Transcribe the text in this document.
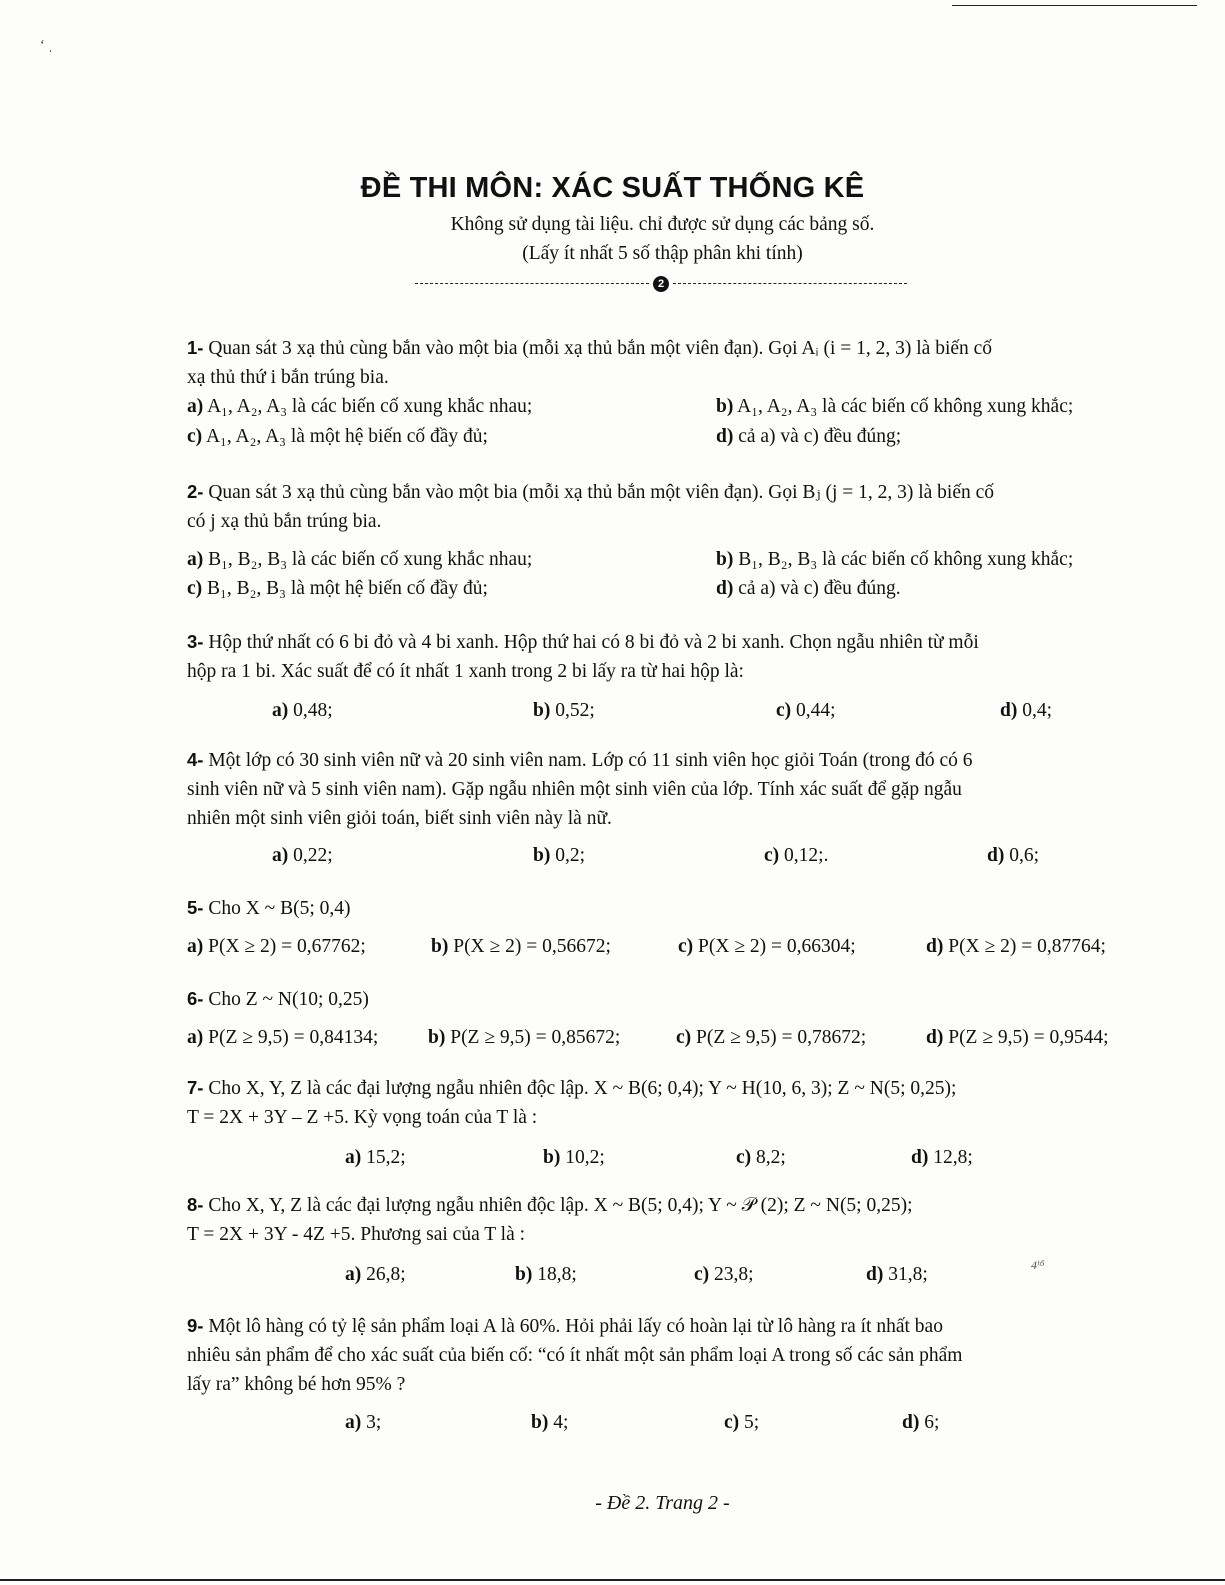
ʻ ˌ
ĐỀ THI MÔN: XÁC SUẤT THỐNG KÊ
Không sử dụng tài liệu. chỉ được sử dụng các bảng số.
(Lấy ít nhất 5 số thập phân khi tính)
2
1- Quan sát 3 xạ thủ cùng bắn vào một bia (mỗi xạ thủ bắn một viên đạn). Gọi Aᵢ (i = 1, 2, 3) là biến cố
xạ thủ thứ i bắn trúng bia.
a) A₁, A₂, A₃ là các biến cố xung khắc nhau;	b) A₁, A₂, A₃ là các biến cố không xung khắc;
c) A₁, A₂, A₃ là một hệ biến cố đầy đủ;	d) cả a) và c) đều đúng;
2- Quan sát 3 xạ thủ cùng bắn vào một bia (mỗi xạ thủ bắn một viên đạn). Gọi Bⱼ (j = 1, 2, 3) là biến cố
có j xạ thủ bắn trúng bia.
a) B₁, B₂, B₃ là các biến cố xung khắc nhau;	b) B₁, B₂, B₃ là các biến cố không xung khắc;
c) B₁, B₂, B₃ là một hệ biến cố đầy đủ;	d) cả a) và c) đều đúng.
3- Hộp thứ nhất có 6 bi đỏ và 4 bi xanh. Hộp thứ hai có 8 bi đỏ và 2 bi xanh. Chọn ngẫu nhiên từ mỗi
hộp ra 1 bi. Xác suất để có ít nhất 1 xanh trong 2 bi lấy ra từ hai hộp là:
a) 0,48;	b) 0,52;	c) 0,44;	d) 0,4;
4- Một lớp có 30 sinh viên nữ và 20 sinh viên nam. Lớp có 11 sinh viên học giỏi Toán (trong đó có 6
sinh viên nữ và 5 sinh viên nam). Gặp ngẫu nhiên một sinh viên của lớp. Tính xác suất để gặp ngẫu
nhiên một sinh viên giỏi toán, biết sinh viên này là nữ.
a) 0,22;	b) 0,2;	c) 0,12;.	d) 0,6;
5- Cho X ~ B(5; 0,4)
a) P(X ≥ 2) = 0,67762;	b) P(X ≥ 2) = 0,56672;	c) P(X ≥ 2) = 0,66304;	d) P(X ≥ 2) = 0,87764;
6- Cho Z ~ N(10; 0,25)
a) P(Z ≥ 9,5) = 0,84134;	b) P(Z ≥ 9,5) = 0,85672;	c) P(Z ≥ 9,5) = 0,78672;	d) P(Z ≥ 9,5) = 0,9544;
7- Cho X, Y, Z là các đại lượng ngẫu nhiên độc lập. X ~ B(6; 0,4); Y ~ H(10, 6, 3); Z ~ N(5; 0,25);
T = 2X + 3Y – Z +5. Kỳ vọng toán của T là :
a) 15,2;	b) 10,2;	c) 8,2;	d) 12,8;
8- Cho X, Y, Z là các đại lượng ngẫu nhiên độc lập. X ~ B(5; 0,4); Y ~ 𝒫 (2); Z ~ N(5; 0,25);
T = 2X + 3Y - 4Z +5. Phương sai của T là :
a) 26,8;	b) 18,8;	c) 23,8;	d) 31,8;	4ʰ⁵
9- Một lô hàng có tỷ lệ sản phẩm loại A là 60%. Hỏi phải lấy có hoàn lại từ lô hàng ra ít nhất bao
nhiêu sản phẩm để cho xác suất của biến cố: “có ít nhất một sản phẩm loại A trong số các sản phẩm
lấy ra” không bé hơn 95% ?
a) 3;	b) 4;	c) 5;	d) 6;
- Đề 2. Trang 2 -
